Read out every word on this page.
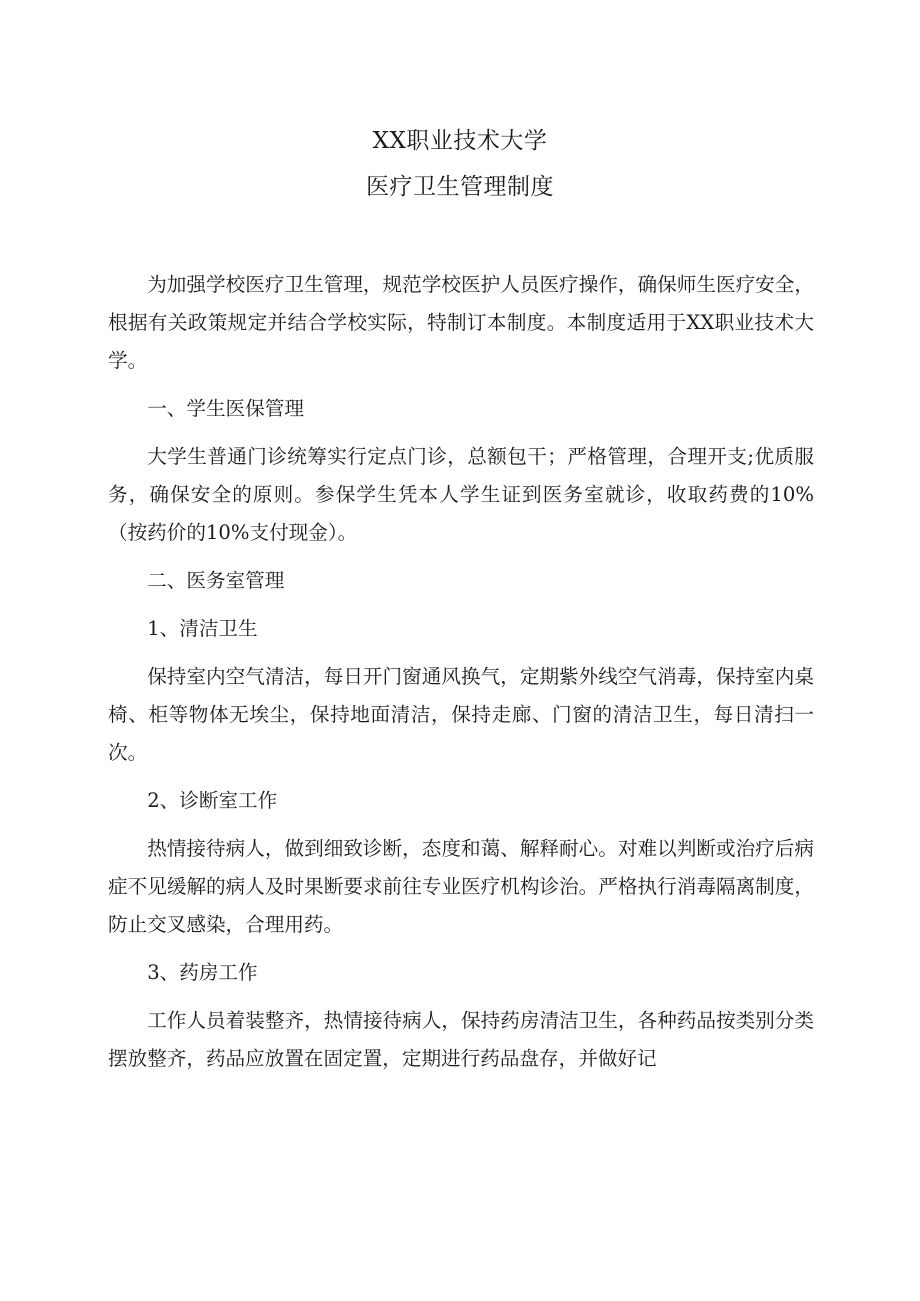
XX职业技术大学
医疗卫生管理制度

为加强学校医疗卫生管理，规范学校医护人员医疗操作，确保师生医疗安全，根据有关政策规定并结合学校实际，特制订本制度。本制度适用于XX职业技术大学。

一、学生医保管理

大学生普通门诊统筹实行定点门诊，总额包干；严格管理，合理开支;优质服务，确保安全的原则。参保学生凭本人学生证到医务室就诊，收取药费的10%（按药价的10%支付现金）。

二、医务室管理

1、清洁卫生

保持室内空气清洁，每日开门窗通风换气，定期紫外线空气消毒，保持室内桌椅、柜等物体无埃尘，保持地面清洁，保持走廊、门窗的清洁卫生，每日清扫一次。

2、诊断室工作

热情接待病人，做到细致诊断，态度和蔼、解释耐心。对难以判断或治疗后病症不见缓解的病人及时果断要求前往专业医疗机构诊治。严格执行消毒隔离制度，防止交叉感染，合理用药。

3、药房工作

工作人员着装整齐，热情接待病人，保持药房清洁卫生，各种药品按类别分类摆放整齐，药品应放置在固定置，定期进行药品盘存，并做好记
